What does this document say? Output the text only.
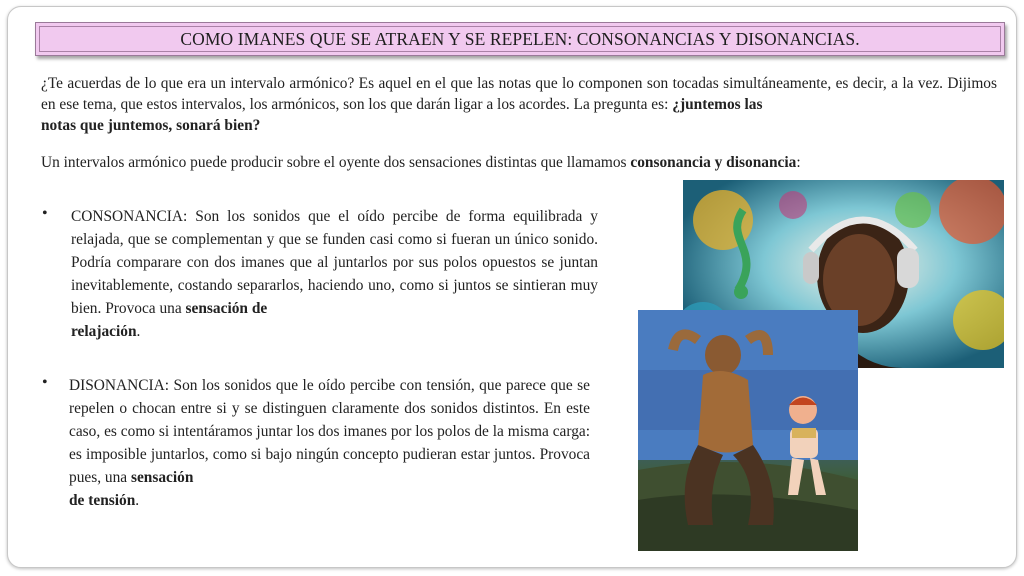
COMO IMANES QUE SE ATRAEN Y SE REPELEN: CONSONANCIAS Y DISONANCIAS.
¿Te acuerdas de lo que era un intervalo armónico? Es aquel en el que las notas que lo componen son tocadas simultáneamente, es decir, a la vez. Dijimos en ese tema, que estos intervalos, los armónicos, son los que darán ligar a los acordes. La pregunta es: ¿juntemos las
notas que juntemos, sonará bien?
Un intervalos armónico puede producir sobre el oyente dos sensaciones distintas que llamamos consonancia y disonancia:
• CONSONANCIA: Son los sonidos que el oído percibe de forma equilibrada y relajada, que se complementan y que se funden casi como si fueran un único sonido. Podría comparare con dos imanes que al juntarlos por sus polos opuestos se juntan inevitablemente, costando separarlos, haciendo uno, como si juntos se sintieran muy bien. Provoca una sensación de
relajación.
• DISONANCIA: Son los sonidos que le oído percibe con tensión, que parece que se repelen o chocan entre si y se distinguen claramente dos sonidos distintos. En este caso, es como si intentáramos juntar los dos imanes por los polos de la misma carga: es imposible juntarlos, como si bajo ningún concepto pudieran estar juntos. Provoca pues, una sensación
de tensión.
